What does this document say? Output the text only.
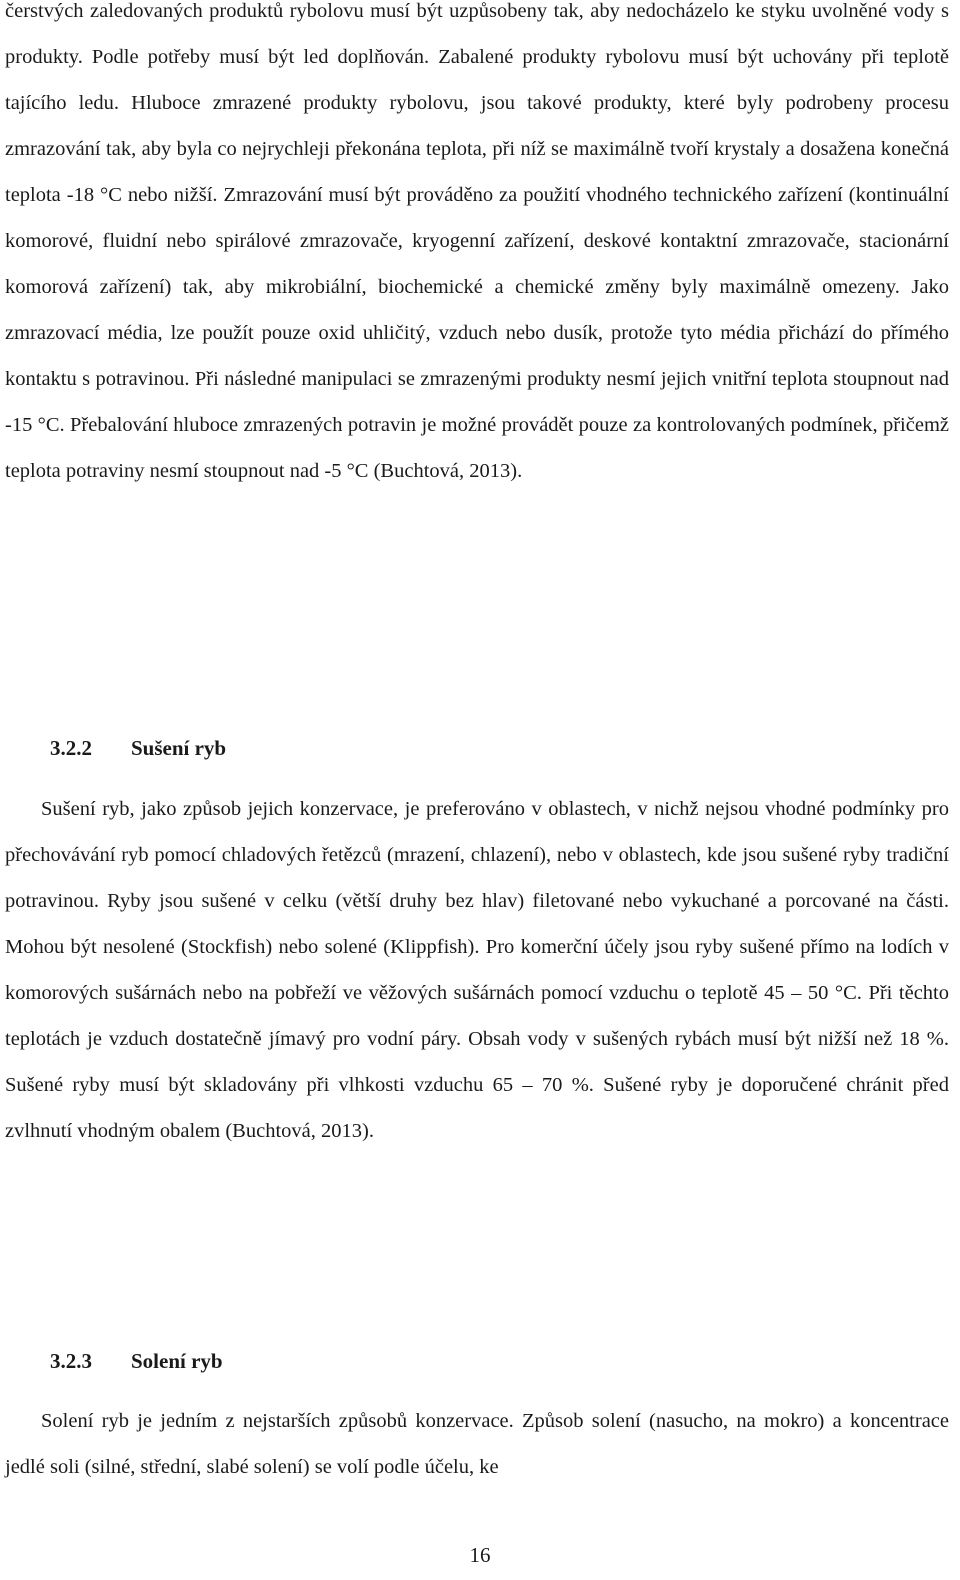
čerstvých zaledovaných produktů rybolovu musí být uzpůsobeny tak, aby nedocházelo ke styku uvolněné vody s produkty. Podle potřeby musí být led doplňován. Zabalené produkty rybolovu musí být uchovány při teplotě tajícího ledu. Hluboce zmrazené produkty rybolovu, jsou takové produkty, které byly podrobeny procesu zmrazování tak, aby byla co nejrychleji překonána teplota, při níž se maximálně tvoří krystaly a dosažena konečná teplota -18 °C nebo nižší. Zmrazování musí být prováděno za použití vhodného technického zařízení (kontinuální komorové, fluidní nebo spirálové zmrazovače, kryogenní zařízení, deskové kontaktní zmrazovače, stacionární komorová zařízení) tak, aby mikrobiální, biochemické a chemické změny byly maximálně omezeny. Jako zmrazovací média, lze použít pouze oxid uhličitý, vzduch nebo dusík, protože tyto média přichází do přímého kontaktu s potravinou. Při následné manipulaci se zmrazenými produkty nesmí jejich vnitřní teplota stoupnout nad -15 °C. Přebalování hluboce zmrazených potravin je možné provádět pouze za kontrolovaných podmínek, přičemž teplota potraviny nesmí stoupnout nad -5 °C (Buchtová, 2013).

3.2.2 Sušení ryb

Sušení ryb, jako způsob jejich konzervace, je preferováno v oblastech, v nichž nejsou vhodné podmínky pro přechovávání ryb pomocí chladových řetězců (mrazení, chlazení), nebo v oblastech, kde jsou sušené ryby tradiční potravinou. Ryby jsou sušené v celku (větší druhy bez hlav) filetované nebo vykuchané a porcované na části. Mohou být nesolené (Stockfish) nebo solené (Klippfish). Pro komerční účely jsou ryby sušené přímo na lodích v komorových sušárnách nebo na pobřeží ve věžových sušárnách pomocí vzduchu o teplotě 45 – 50 °C. Při těchto teplotách je vzduch dostatečně jímavý pro vodní páry. Obsah vody v sušených rybách musí být nižší než 18 %. Sušené ryby musí být skladovány při vlhkosti vzduchu 65 – 70 %. Sušené ryby je doporučené chránit před zvlhnutí vhodným obalem (Buchtová, 2013).

3.2.3 Solení ryb

Solení ryb je jedním z nejstarších způsobů konzervace. Způsob solení (nasucho, na mokro) a koncentrace jedlé soli (silné, střední, slabé solení) se volí podle účelu, ke

16
